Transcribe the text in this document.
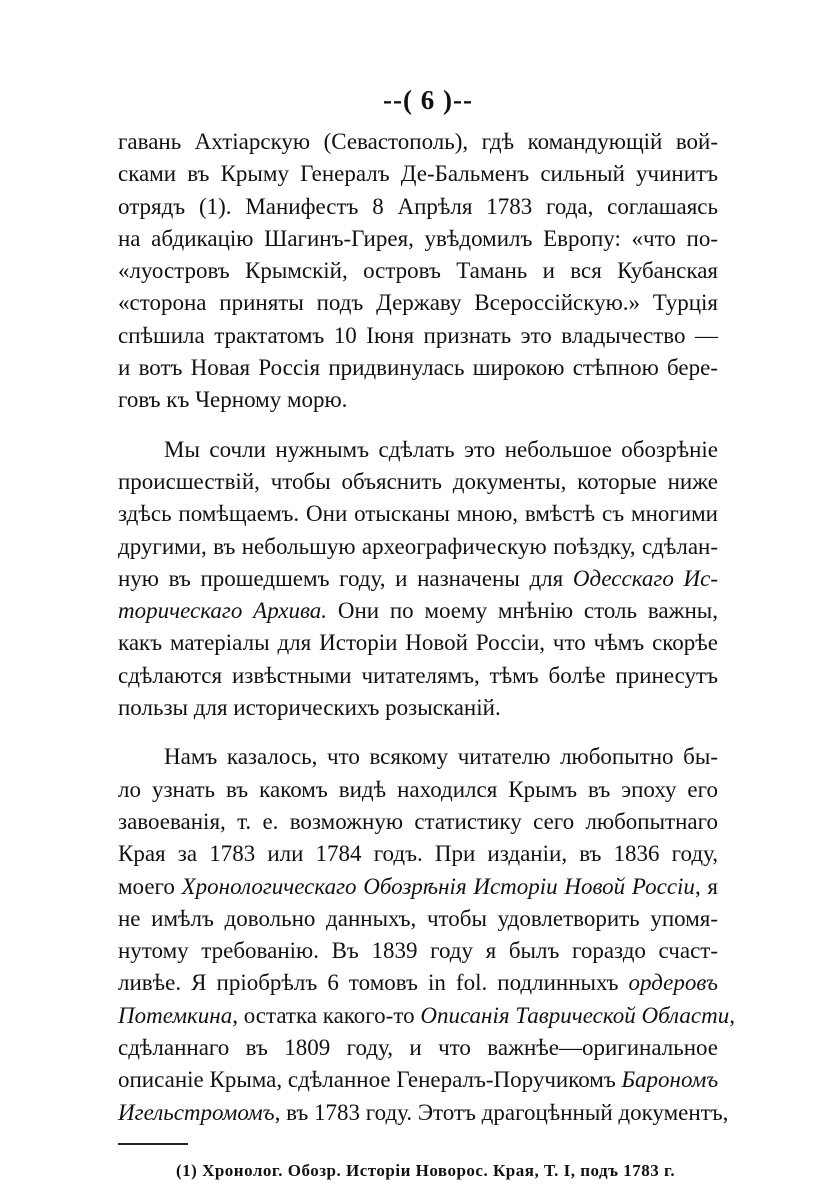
--( 6 )--
гавань Ахтіарскую (Севастополь), гдѣ командующій вой-
сками въ Крыму Генералъ Де-Бальменъ сильный учинитъ
отрядъ (1). Манифестъ 8 Апрѣля 1783 года, соглашаясь
на абдикацію Шагинъ-Гирея, увѣдомилъ Европу: «что по-
«луостровъ Крымскій, островъ Тамань и вся Кубанская
«сторона приняты подъ Державу Всероссійскую.» Турція
спѣшила трактатомъ 10 Іюня признать это владычество —
и вотъ Новая Россія придвинулась широкою стѣпною бере-
говъ къ Черному морю.
Мы сочли нужнымъ сдѣлать это небольшое обозрѣніе
происшествій, чтобы объяснить документы, которые ниже
здѣсь помѣщаемъ. Они отысканы мною, вмѣстѣ съ многими
другими, въ небольшую археографическую поѣздку, сдѣлан-
ную въ прошедшемъ году, и назначены для Одесскаго Ис-
торическаго Архива. Они по моему мнѣнію столь важны,
какъ матеріалы для Исторіи Новой Россіи, что чѣмъ скорѣе
сдѣлаются извѣстными читателямъ, тѣмъ болѣе принесутъ
пользы для историческихъ розысканій.
Намъ казалось, что всякому читателю любопытно бы-
ло узнать въ какомъ видѣ находился Крымъ въ эпоху его
завоеванія, т. е. возможную статистику сего любопытнаго
Края за 1783 или 1784 годъ. При изданіи, въ 1836 году,
моего Хронологическаго Обозрѣнія Исторіи Новой Россіи, я
не имѣлъ довольно данныхъ, чтобы удовлетворить упомя-
нутому требованію. Въ 1839 году я былъ гораздо счаст-
ливѣе. Я пріобрѣлъ 6 томовъ in fol. подлинныхъ ордеровъ
Потемкина, остатка какого-то Описанія Таврической Области,
сдѣланнаго въ 1809 году, и что важнѣе—оригинальное
описаніе Крыма, сдѣланное Генералъ-Поручикомъ Барономъ
Игельстромомъ, въ 1783 году. Этотъ драгоцѣнный документъ,
(1) Хронолог. Обозр. Исторіи Новорос. Края, Т. I, подъ 1783 г.
